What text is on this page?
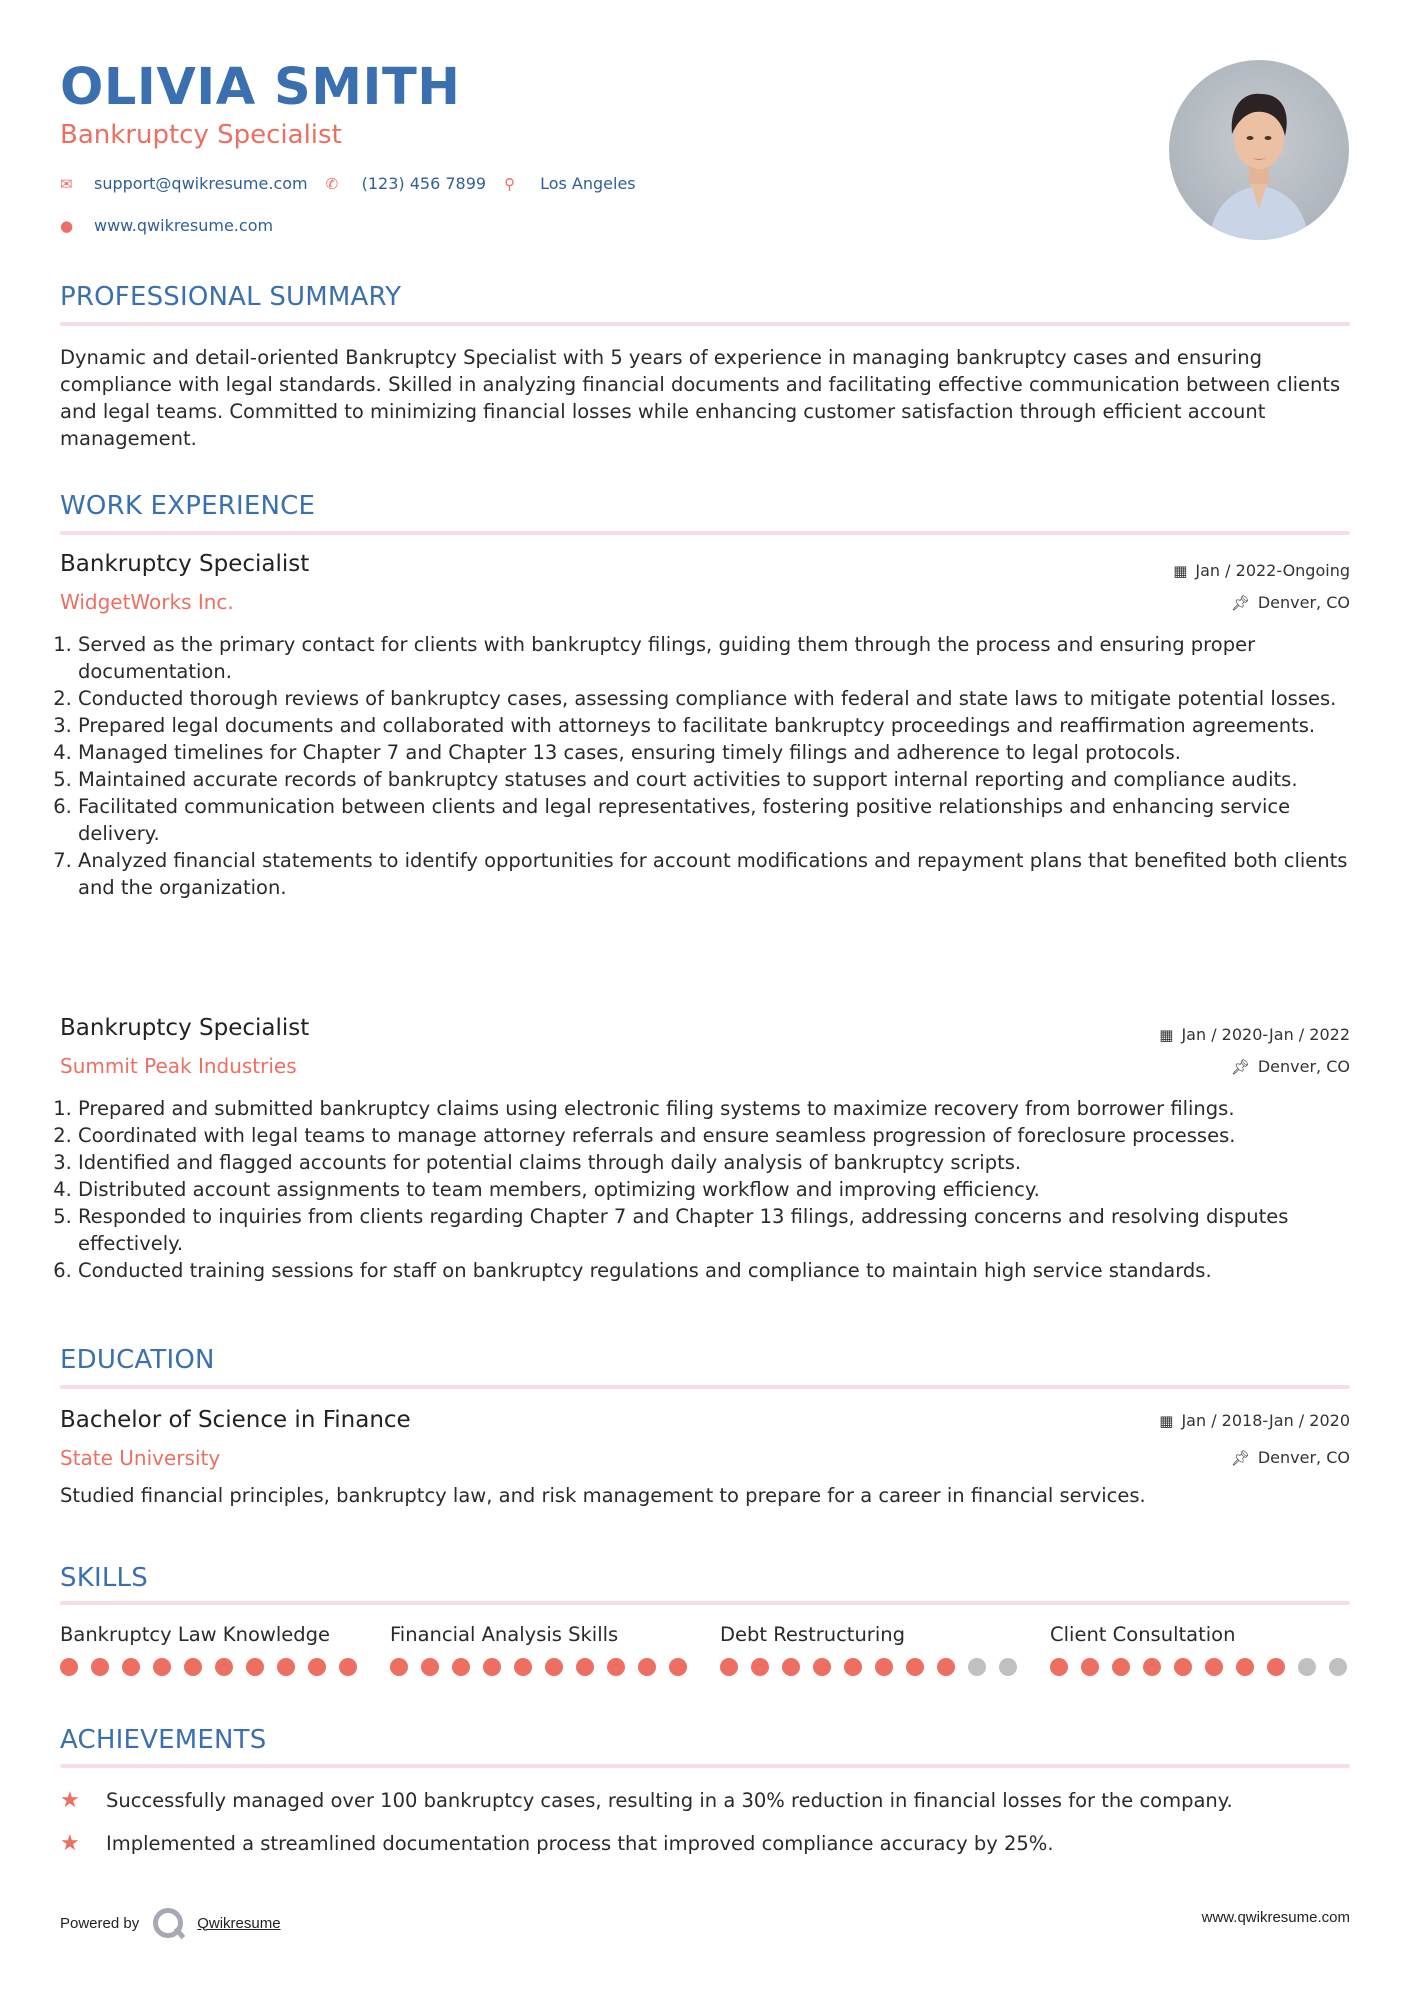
OLIVIA SMITH
Bankruptcy Specialist
✉	support@qwikresume.com ✆	(123) 456 7899 ⚲	Los Angeles
●	www.qwikresume.com
PROFESSIONAL SUMMARY
Dynamic and detail-oriented Bankruptcy Specialist with 5 years of experience in managing bankruptcy cases and ensuring compliance with legal standards. Skilled in analyzing financial documents and facilitating effective communication between clients and legal teams. Committed to minimizing financial losses while enhancing customer satisfaction through efficient account management.
WORK EXPERIENCE
Bankruptcy Specialist
WidgetWorks Inc.
▦ Jan / 2022-Ongoing
📌︎ Denver, CO
1. Served as the primary contact for clients with bankruptcy filings, guiding them through the process and ensuring proper documentation.
2. Conducted thorough reviews of bankruptcy cases, assessing compliance with federal and state laws to mitigate potential losses.
3. Prepared legal documents and collaborated with attorneys to facilitate bankruptcy proceedings and reaffirmation agreements.
4. Managed timelines for Chapter 7 and Chapter 13 cases, ensuring timely filings and adherence to legal protocols.
5. Maintained accurate records of bankruptcy statuses and court activities to support internal reporting and compliance audits.
6. Facilitated communication between clients and legal representatives, fostering positive relationships and enhancing service delivery.
7. Analyzed financial statements to identify opportunities for account modifications and repayment plans that benefited both clients and the organization.
Bankruptcy Specialist
Summit Peak Industries
▦ Jan / 2020-Jan / 2022
📌︎ Denver, CO
1. Prepared and submitted bankruptcy claims using electronic filing systems to maximize recovery from borrower filings.
2. Coordinated with legal teams to manage attorney referrals and ensure seamless progression of foreclosure processes.
3. Identified and flagged accounts for potential claims through daily analysis of bankruptcy scripts.
4. Distributed account assignments to team members, optimizing workflow and improving efficiency.
5. Responded to inquiries from clients regarding Chapter 7 and Chapter 13 filings, addressing concerns and resolving disputes effectively.
6. Conducted training sessions for staff on bankruptcy regulations and compliance to maintain high service standards.
EDUCATION
Bachelor of Science in Finance
State University
▦ Jan / 2018-Jan / 2020
📌︎ Denver, CO
Studied financial principles, bankruptcy law, and risk management to prepare for a career in financial services.
SKILLS
Bankruptcy Law Knowledge	Financial Analysis Skills	Debt Restructuring	Client Consultation
ACHIEVEMENTS
★	Successfully managed over 100 bankruptcy cases, resulting in a 30% reduction in financial losses for the company.
★	Implemented a streamlined documentation process that improved compliance accuracy by 25%.
Powered by	Qwikresume	www.qwikresume.com
